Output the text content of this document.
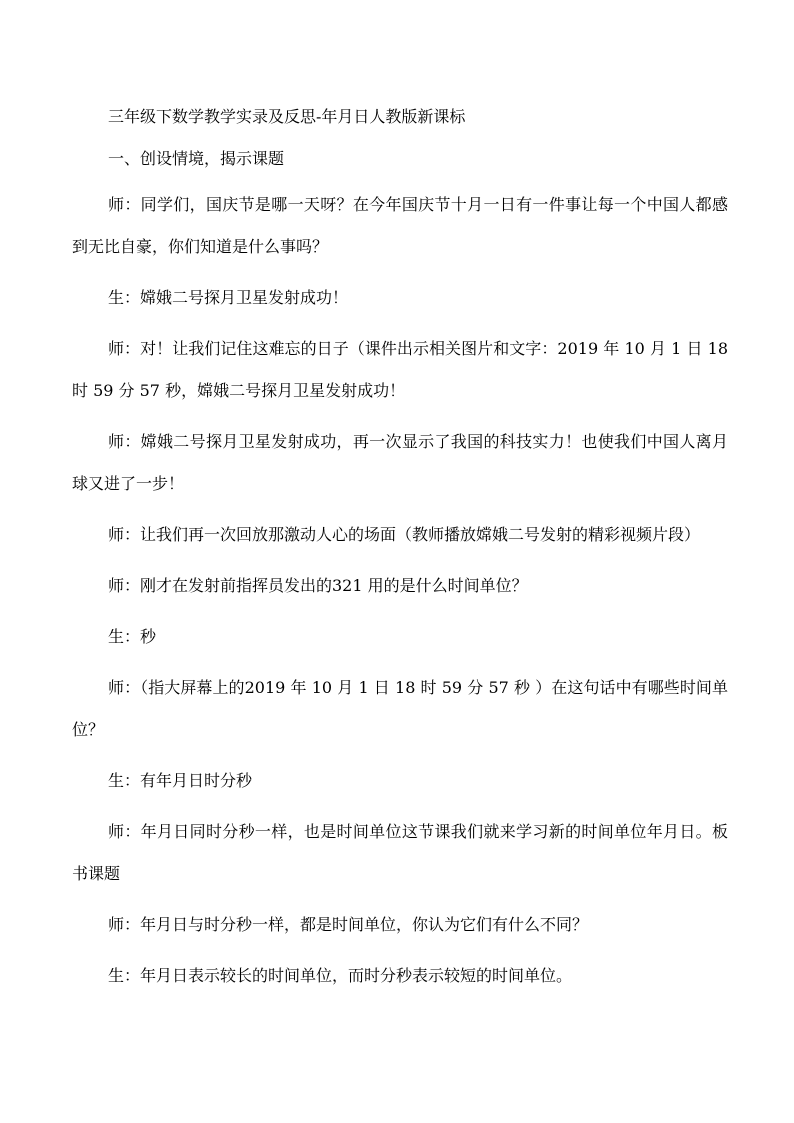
三年级下数学教学实录及反思-年月日人教版新课标

一、创设情境，揭示课题

师：同学们，国庆节是哪一天呀？在今年国庆节十月一日有一件事让每一个中国人都感到无比自豪，你们知道是什么事吗？

生：嫦娥二号探月卫星发射成功！

师：对！让我们记住这难忘的日子（课件出示相关图片和文字：2019 年 10 月 1 日 18 时 59 分 57 秒，嫦娥二号探月卫星发射成功！

师：嫦娥二号探月卫星发射成功，再一次显示了我国的科技实力！也使我们中国人离月球又进了一步！

师：让我们再一次回放那激动人心的场面（教师播放嫦娥二号发射的精彩视频片段）

师：刚才在发射前指挥员发出的321 用的是什么时间单位？

生：秒

师：（指大屏幕上的2019 年 10 月 1 日 18 时 59 分 57 秒 ）在这句话中有哪些时间单位？

生：有年月日时分秒

师：年月日同时分秒一样，也是时间单位这节课我们就来学习新的时间单位年月日。板书课题

师：年月日与时分秒一样，都是时间单位，你认为它们有什么不同？

生：年月日表示较长的时间单位，而时分秒表示较短的时间单位。
